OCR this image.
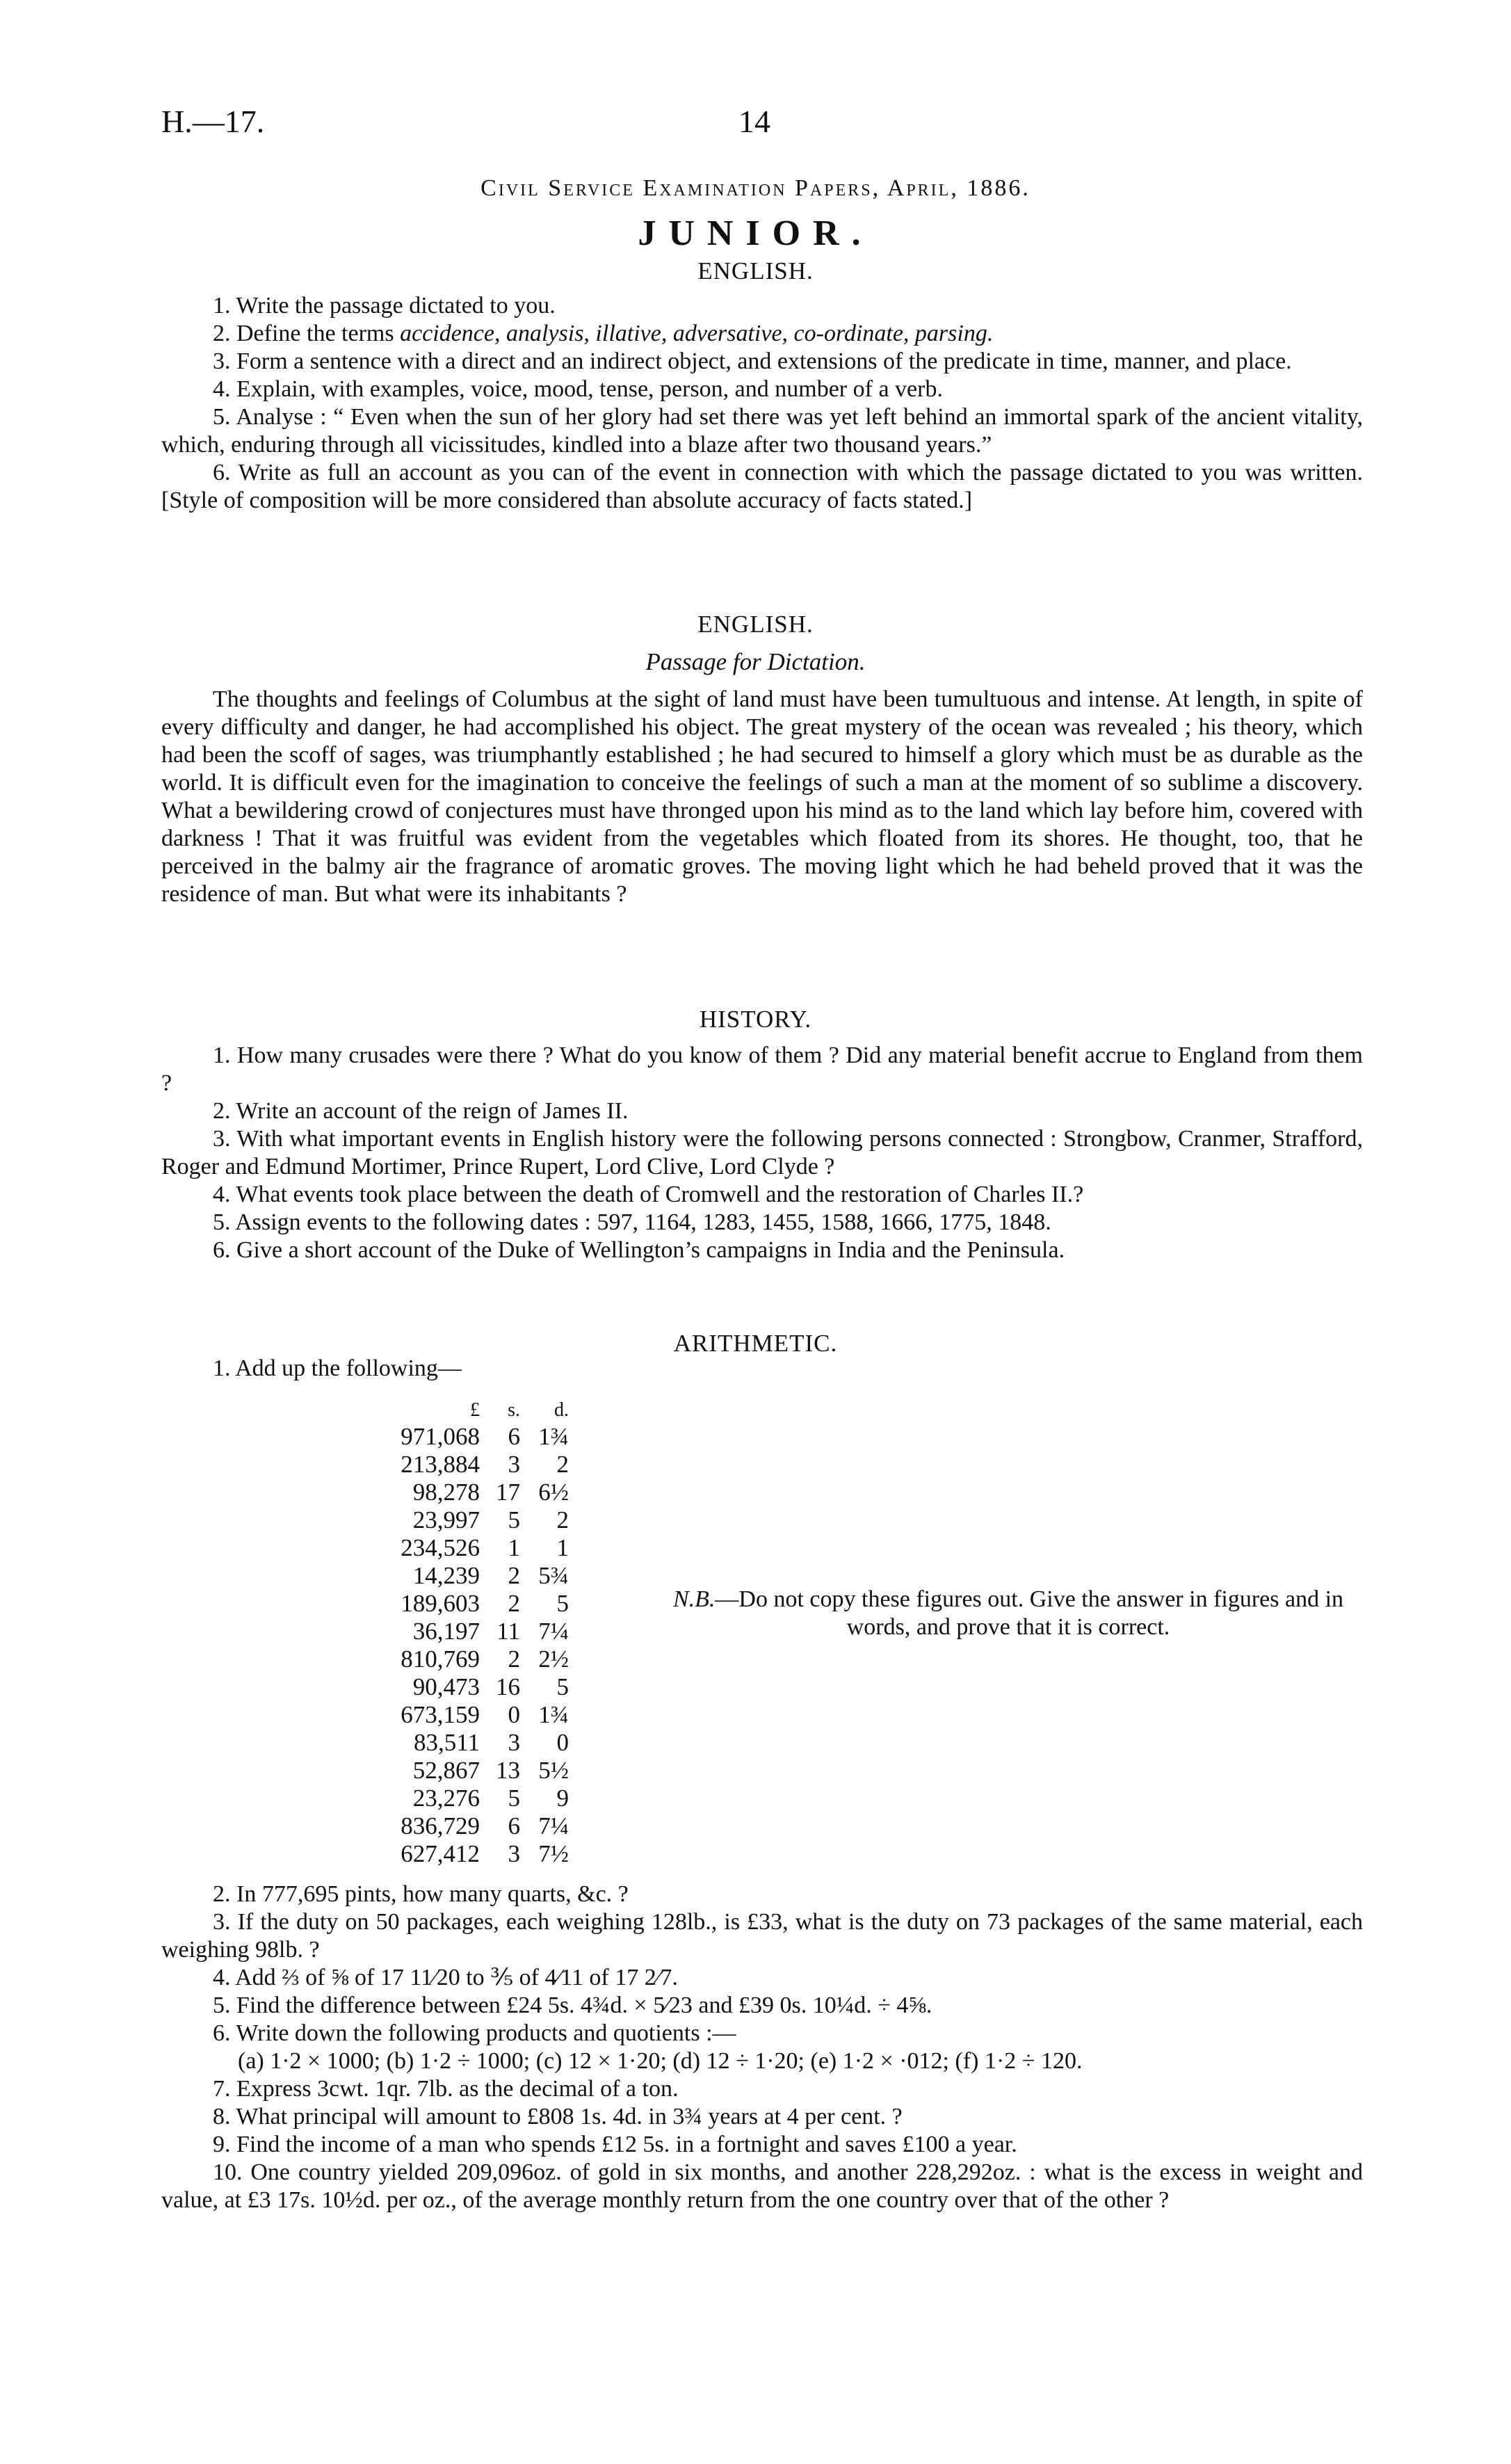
H.—17.	14
Civil Service Examination Papers, April, 1886.
JUNIOR.
ENGLISH.

1. Write the passage dictated to you.

2. Define the terms accidence, analysis, illative, adversative, co-ordinate, parsing.

3. Form a sentence with a direct and an indirect object, and extensions of the predicate in time, manner, and place.

4. Explain, with examples, voice, mood, tense, person, and number of a verb.

5. Analyse : “ Even when the sun of her glory had set there was yet left behind an immortal spark of the ancient vitality, which, enduring through all vicissitudes, kindled into a blaze after two thousand years.”

6. Write as full an account as you can of the event in connection with which the passage dictated to you was written. [Style of composition will be more considered than absolute accuracy of facts stated.]

ENGLISH.
Passage for Dictation.

The thoughts and feelings of Columbus at the sight of land must have been tumultuous and intense. At length, in spite of every difficulty and danger, he had accomplished his object. The great mystery of the ocean was revealed ; his theory, which had been the scoff of sages, was triumphantly established ; he had secured to himself a glory which must be as durable as the world. It is difficult even for the imagination to conceive the feelings of such a man at the moment of so sublime a discovery. What a bewildering crowd of conjectures must have thronged upon his mind as to the land which lay before him, covered with darkness ! That it was fruitful was evident from the vegetables which floated from its shores. He thought, too, that he perceived in the balmy air the fragrance of aromatic groves. The moving light which he had beheld proved that it was the residence of man. But what were its inhabitants ?

HISTORY.

1. How many crusades were there ? What do you know of them ? Did any material benefit accrue to England from them ?

2. Write an account of the reign of James II.

3. With what important events in English history were the following persons connected : Strongbow, Cranmer, Strafford, Roger and Edmund Mortimer, Prince Rupert, Lord Clive, Lord Clyde ?

4. What events took place between the death of Cromwell and the restoration of Charles II.?

5. Assign events to the following dates : 597, 1164, 1283, 1455, 1588, 1666, 1775, 1848.

6. Give a short account of the Duke of Wellington’s campaigns in India and the Peninsula.

ARITHMETIC.

1. Add up the following—

£	s.	d.
971,068	6 1¾
213,884	3	2
98,278 17 6½
23,997	5	2
234,526	1	1
14,239	2 5¾
189,603	2	5
36,197 11 7¼
810,769	2 2½
90,473 16	5
673,159	0 1¾
83,511	3	0
52,867 13 5½
23,276	5	9
836,729	6 7¼
627,412	3 7½
N.B.—Do not copy these figures out. Give the answer in figures and in words, and prove that it is correct.

2. In 777,695 pints, how many quarts, &c. ?

3. If the duty on 50 packages, each weighing 128lb., is £33, what is the duty on 73 packages of the same material, each weighing 98lb. ?

4. Add ⅔ of ⅝ of 17 11⁄20 to ⅗ of 4⁄11 of 17 2⁄7.

5. Find the difference between £24 5s. 4¾d. × 5⁄23 and £39 0s. 10¼d. ÷ 4⅝.

6. Write down the following products and quotients :—

(a) 1·2 × 1000; (b) 1·2 ÷ 1000; (c) 12 × 1·20; (d) 12 ÷ 1·20; (e) 1·2 × ·012; (f) 1·2 ÷ 120.

7. Express 3cwt. 1qr. 7lb. as the decimal of a ton.

8. What principal will amount to £808 1s. 4d. in 3¾ years at 4 per cent. ?

9. Find the income of a man who spends £12 5s. in a fortnight and saves £100 a year.

10. One country yielded 209,096oz. of gold in six months, and another 228,292oz. : what is the excess in weight and value, at £3 17s. 10½d. per oz., of the average monthly return from the one country over that of the other ?
